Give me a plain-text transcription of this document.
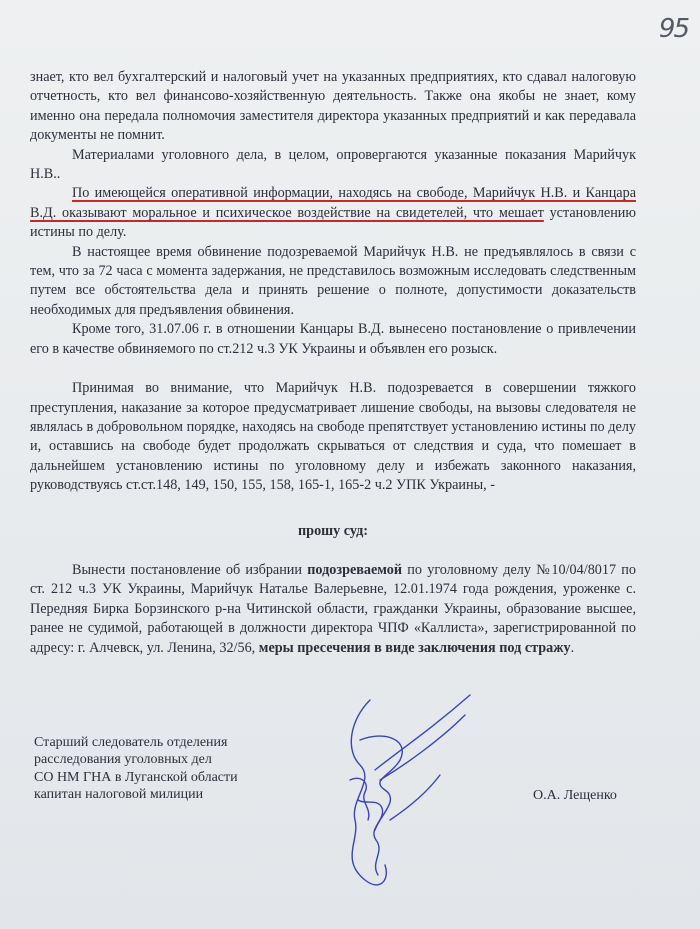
95

знает, кто вел бухгалтерский и налоговый учет на указанных предприятиях, кто сдавал налоговую отчетность, кто вел финансово-хозяйственную деятельность. Также она якобы не знает, кому именно она передала полномочия заместителя директора указанных предприятий и как передавала документы не помнит.

Материалами уголовного дела, в целом, опровергаются указанные показания Марийчук Н.В..

По имеющейся оперативной информации, находясь на свободе, Марийчук Н.В. и Канцара В.Д. оказывают моральное и психическое воздействие на свидетелей, что мешает установлению истины по делу.

В настоящее время обвинение подозреваемой Марийчук Н.В. не предъявлялось в связи с тем, что за 72 часа с момента задержания, не представилось возможным исследовать следственным путем все обстоятельства дела и принять решение о полноте, допустимости доказательств необходимых для предъявления обвинения.

Кроме того, 31.07.06 г. в отношении Канцары В.Д. вынесено постановление о привлечении его в качестве обвиняемого по ст.212 ч.3 УК Украины и объявлен его розыск.

Принимая во внимание, что Марийчук Н.В. подозревается в совершении тяжкого преступления, наказание за которое предусматривает лишение свободы, на вызовы следователя не являлась в добровольном порядке, находясь на свободе препятствует установлению истины по делу и, оставшись на свободе будет продолжать скрываться от следствия и суда, что помешает в дальнейшем установлению истины по уголовному делу и избежать законного наказания, руководствуясь ст.ст.148, 149, 150, 155, 158, 165-1, 165-2 ч.2 УПК Украины, -

прошу суд:

Вынести постановление об избрании подозреваемой по уголовному делу №10/04/8017 по ст. 212 ч.3 УК Украины, Марийчук Наталье Валерьевне, 12.01.1974 года рождения, уроженке с. Передняя Бирка Борзинского р-на Читинской области, гражданки Украины, образование высшее, ранее не судимой, работающей в должности директора ЧПФ «Каллиста», зарегистрированной по адресу: г. Алчевск, ул. Ленина, 32/56, меры пресечения в виде заключения под стражу.

Старший следователь отделения
расследования уголовных дел
СО НМ ГНА в Луганской области
капитан налоговой милиции	О.А. Лещенко
